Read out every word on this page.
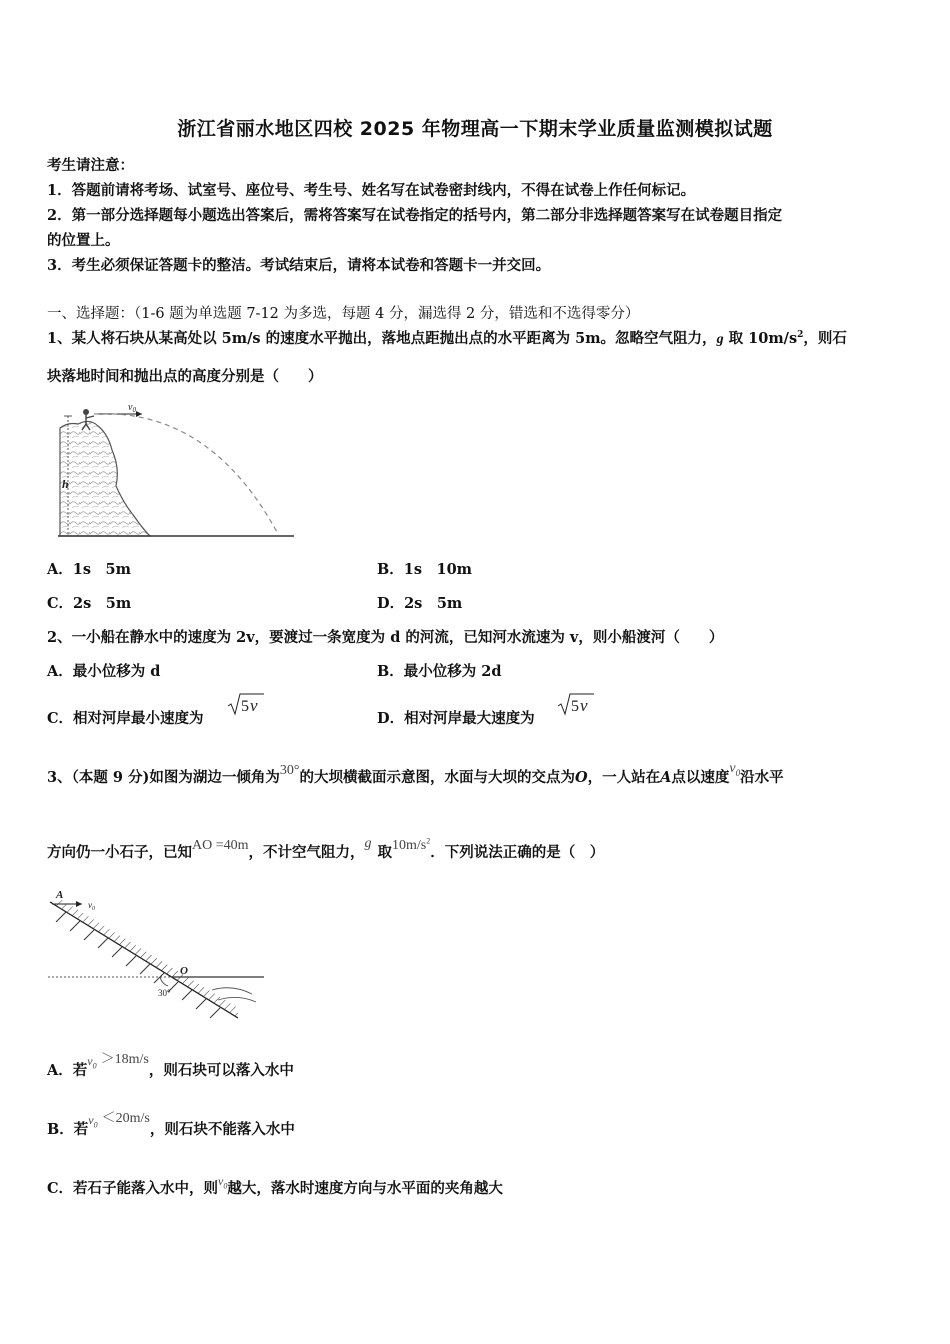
浙江省丽水地区四校 2025 年物理高一下期末学业质量监测模拟试题
考生请注意：
1．答题前请将考场、试室号、座位号、考生号、姓名写在试卷密封线内，不得在试卷上作任何标记。
2．第一部分选择题每小题选出答案后，需将答案写在试卷指定的括号内，第二部分非选择题答案写在试卷题目指定
的位置上。
3．考生必须保证答题卡的整洁。考试结束后，请将本试卷和答题卡一并交回。
一、选择题：（1-6 题为单选题 7-12 为多选，每题 4 分，漏选得 2 分，错选和不选得零分）
1、某人将石块从某高处以 5m/s 的速度水平抛出，落地点距抛出点的水平距离为 5m。忽略空气阻力，g 取 $10m/s^2$，则石
块落地时间和抛出点的高度分别是（　　）
h
$v_0$
A．1s　5m	B．1s　10m
C．2s　5m	D．2s　5m
2、一小船在静水中的速度为 2v，要渡过一条宽度为 d 的河流，已知河水流速为 v，则小船渡河（　　）
A．最小位移为 d	B．最小位移为 2d
C．相对河岸最小速度为
5 v
D．相对河岸最大速度为
5 v
3、（本题 9 分)如图为湖边一倾角为30°的大坝横截面示意图，水面与大坝的交点为O，一人站在A点以速度$v_0$沿水平
方向仍一小石子，已知AO =40m，不计空气阻力，g取$10m/s^2$．下列说法正确的是（　）
A
v₀
O
30°
A．若$^{v_0}$ ＞18m/s，则石块可以落入水中
B．若$^{v_0}$ ＜20m/s，则石块不能落入水中
C．若石子能落入水中，则$^{v_0}$越大，落水时速度方向与水平面的夹角越大
